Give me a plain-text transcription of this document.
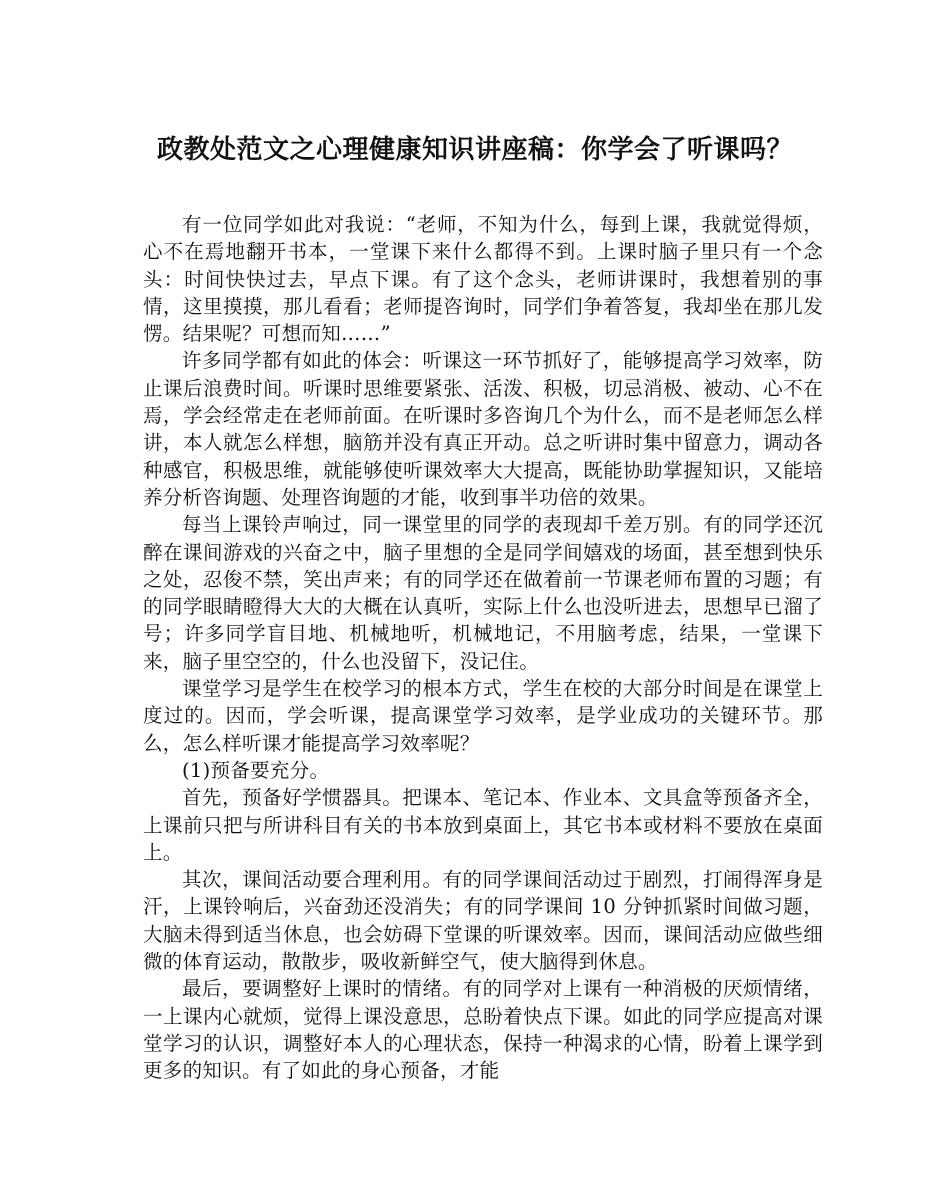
政教处范文之心理健康知识讲座稿：你学会了听课吗？

有一位同学如此对我说：“老师，不知为什么，每到上课，我就觉得烦，心不在焉地翻开书本，一堂课下来什么都得不到。上课时脑子里只有一个念头：时间快快过去，早点下课。有了这个念头，老师讲课时，我想着别的事情，这里摸摸，那儿看看；老师提咨询时，同学们争着答复，我却坐在那儿发愣。结果呢？可想而知……”

许多同学都有如此的体会：听课这一环节抓好了，能够提高学习效率，防止课后浪费时间。听课时思维要紧张、活泼、积极，切忌消极、被动、心不在焉，学会经常走在老师前面。在听课时多咨询几个为什么，而不是老师怎么样讲，本人就怎么样想，脑筋并没有真正开动。总之听讲时集中留意力，调动各种感官，积极思维，就能够使听课效率大大提高，既能协助掌握知识，又能培养分析咨询题、处理咨询题的才能，收到事半功倍的效果。

每当上课铃声响过，同一课堂里的同学的表现却千差万别。有的同学还沉醉在课间游戏的兴奋之中，脑子里想的全是同学间嬉戏的场面，甚至想到快乐之处，忍俊不禁，笑出声来；有的同学还在做着前一节课老师布置的习题；有的同学眼睛瞪得大大的大概在认真听，实际上什么也没听进去，思想早已溜了号；许多同学盲目地、机械地听，机械地记，不用脑考虑，结果，一堂课下来，脑子里空空的，什么也没留下，没记住。

课堂学习是学生在校学习的根本方式，学生在校的大部分时间是在课堂上度过的。因而，学会听课，提高课堂学习效率，是学业成功的关键环节。那么，怎么样听课才能提高学习效率呢？

(1)预备要充分。

首先，预备好学惯器具。把课本、笔记本、作业本、文具盒等预备齐全，上课前只把与所讲科目有关的书本放到桌面上，其它书本或材料不要放在桌面上。

其次，课间活动要合理利用。有的同学课间活动过于剧烈，打闹得浑身是汗，上课铃响后，兴奋劲还没消失；有的同学课间 10 分钟抓紧时间做习题，大脑未得到适当休息，也会妨碍下堂课的听课效率。因而，课间活动应做些细微的体育运动，散散步，吸收新鲜空气，使大脑得到休息。

最后，要调整好上课时的情绪。有的同学对上课有一种消极的厌烦情绪，一上课内心就烦，觉得上课没意思，总盼着快点下课。如此的同学应提高对课堂学习的认识，调整好本人的心理状态，保持一种渴求的心情，盼着上课学到更多的知识。有了如此的身心预备，才能
